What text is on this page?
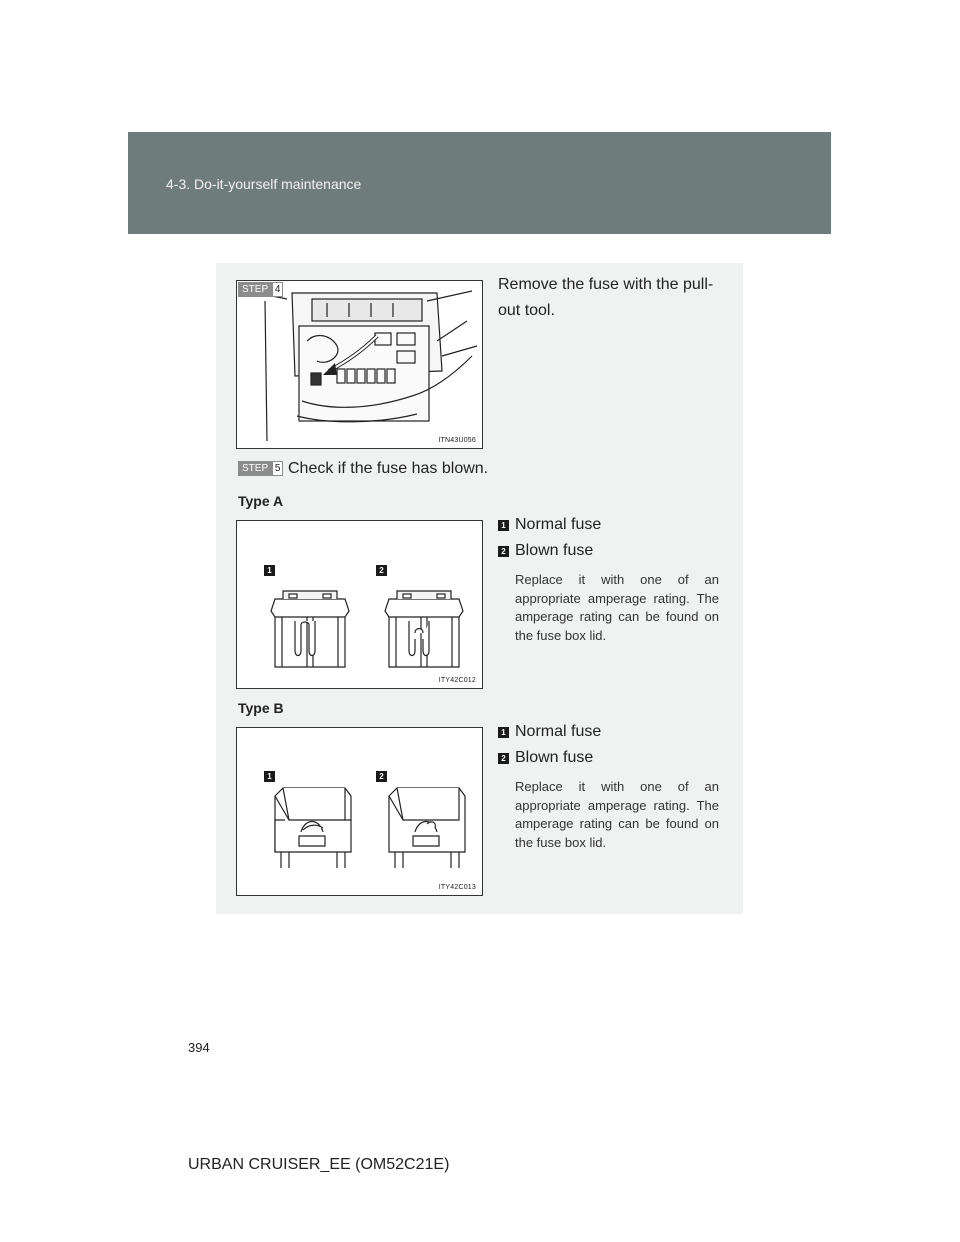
4-3. Do-it-yourself maintenance
ITN43U056
STEP 4	Remove the fuse with the pull-out tool.
STEP 5 Check if the fuse has blown.
Type A
ITY42C012
1	2
1 Normal fuse
2 Blown fuse
Replace it with one of an appropriate amperage rating. The amperage rating can be found on the fuse box lid.
Type B
ITY42C013
1	2
1 Normal fuse
2 Blown fuse
Replace it with one of an appropriate amperage rating. The amperage rating can be found on the fuse box lid.
394
URBAN CRUISER_EE (OM52C21E)
